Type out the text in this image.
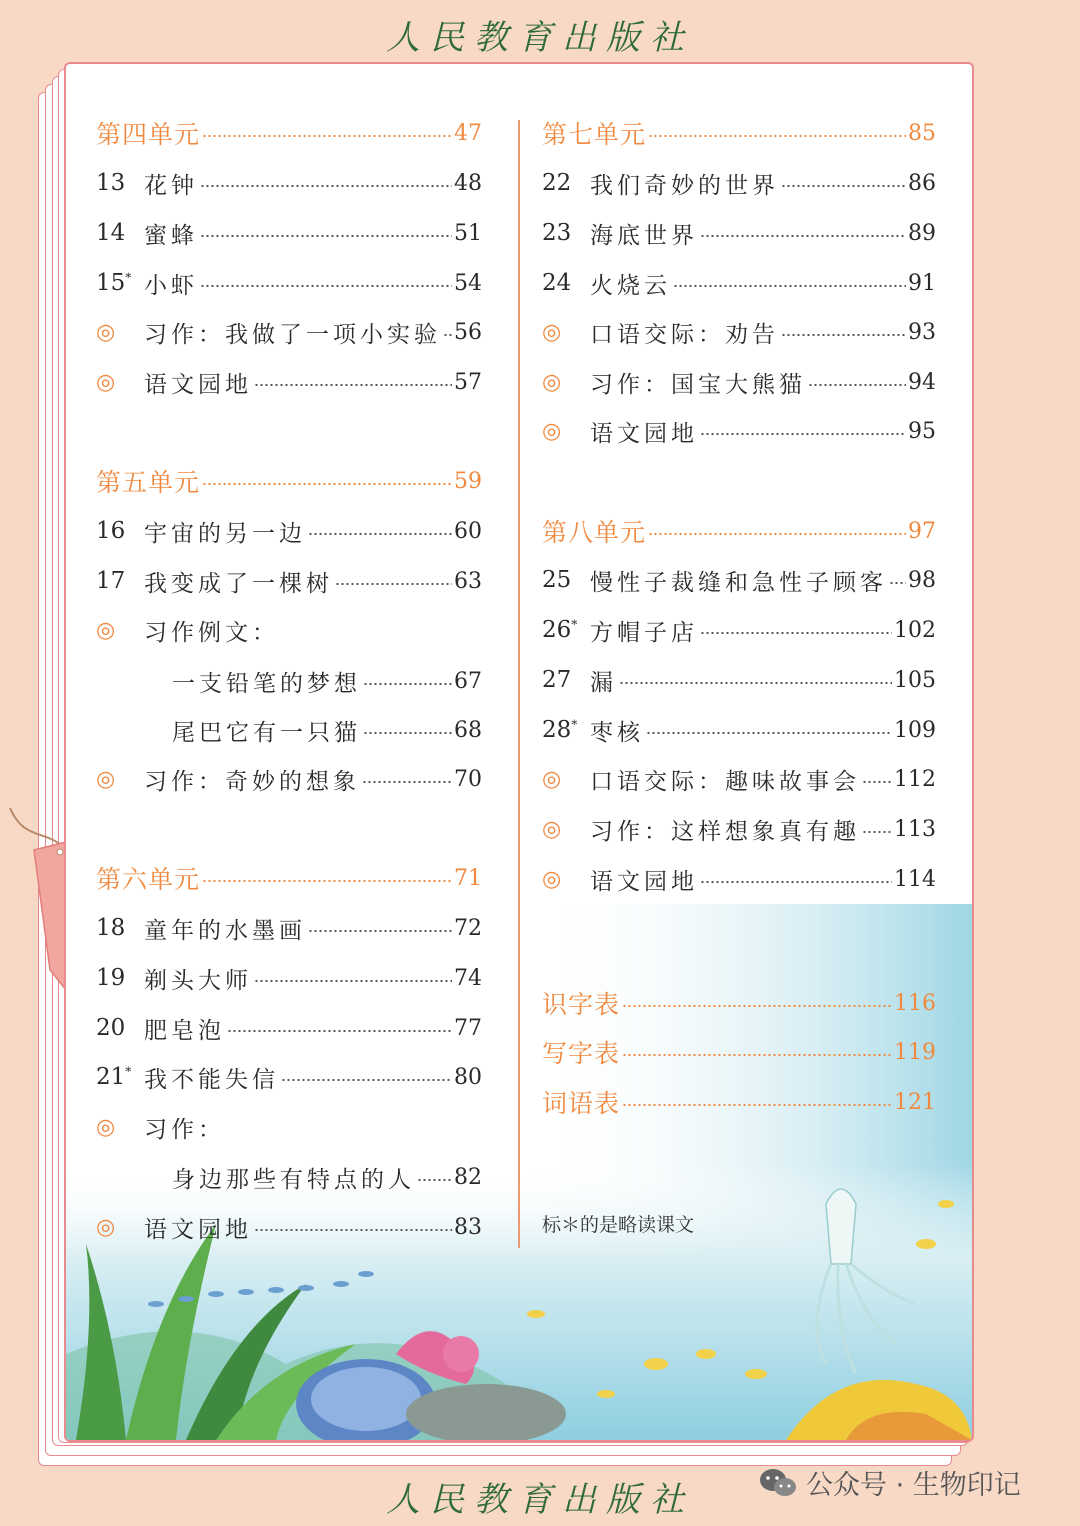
人民教育出版社
第四单元	47
13 花钟	48
14 蜜蜂	51
15* 小虾	54
◎	习作：我做了一项小实验 56
◎	语文园地	57
第五单元	59
16 宇宙的另一边	60
17 我变成了一棵树	63
◎	习作例文：
一支铅笔的梦想	67
尾巴它有一只猫	68
◎	习作：奇妙的想象	70
第六单元	71
18 童年的水墨画	72
19 剃头大师	74
20 肥皂泡	77
21* 我不能失信	80
◎	习作：
身边那些有特点的人 82
◎	语文园地	83
第七单元	85
22 我们奇妙的世界	86
23 海底世界	89
24 火烧云	91
◎	口语交际：劝告	93
◎	习作：国宝大熊猫	94
◎	语文园地	95
第八单元	97
25 慢性子裁缝和急性子顾客 98
26* 方帽子店	102
27 漏	105
28* 枣核	109
◎	口语交际：趣味故事会 112
◎	习作：这样想象真有趣 113
◎	语文园地	114
识字表	116
写字表	119
词语表	121
标＊的是略读课文
人民教育出版社	公众号 · 生物印记
